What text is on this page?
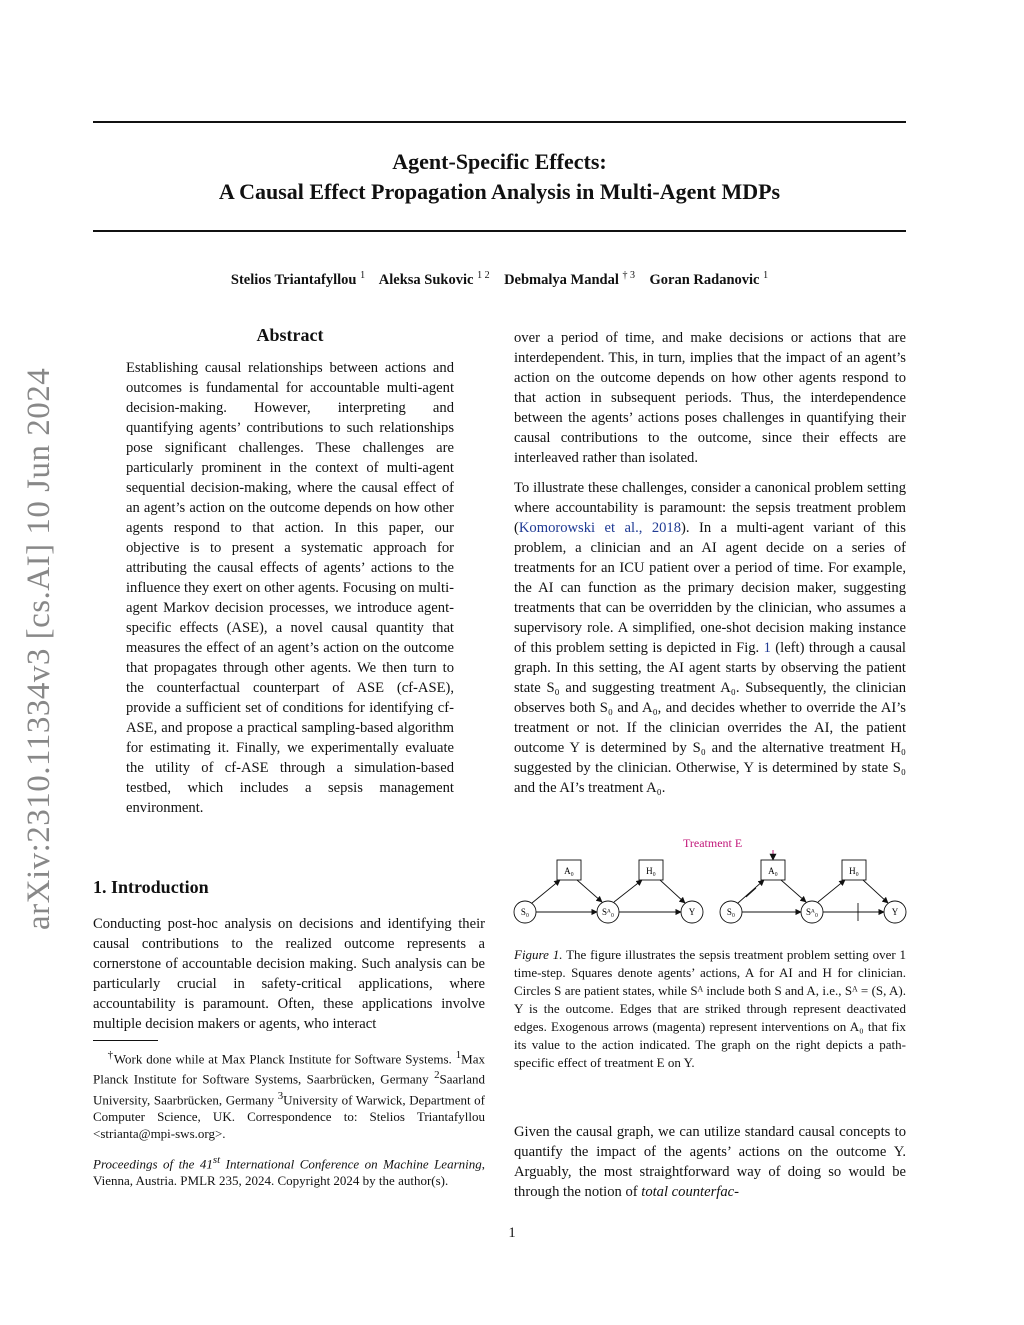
arXiv:2310.11334v3 [cs.AI] 10 Jun 2024
Agent-Specific Effects:
A Causal Effect Propagation Analysis in Multi-Agent MDPs
Stelios Triantafyllou $^1$ Aleksa Sukovic $^{1 2}$ Debmalya Mandal $^{\dagger 3}$ Goran Radanovic $^1$
Abstract

Establishing causal relationships between actions and outcomes is fundamental for accountable multi-agent decision-making. However, interpreting and quantifying agents’ contributions to such relationships pose significant challenges. These challenges are particularly prominent in the context of multi-agent sequential decision-making, where the causal effect of an agent’s action on the outcome depends on how other agents respond to that action. In this paper, our objective is to present a systematic approach for attributing the causal effects of agents’ actions to the influence they exert on other agents. Focusing on multi-agent Markov decision processes, we introduce agent-specific effects (ASE), a novel causal quantity that measures the effect of an agent’s action on the outcome that propagates through other agents. We then turn to the counterfactual counterpart of ASE (cf-ASE), provide a sufficient set of conditions for identifying cf-ASE, and propose a practical sampling-based algorithm for estimating it. Finally, we experimentally evaluate the utility of cf-ASE through a simulation-based testbed, which includes a sepsis management environment.

1. Introduction

Conducting post-hoc analysis on decisions and identifying their causal contributions to the realized outcome represents a cornerstone of accountable decision making. Such analysis can be particularly crucial in safety-critical applications, where accountability is paramount. Often, these applications involve multiple decision makers or agents, who interact

†Work done while at Max Planck Institute for Software Systems. $^1$Max Planck Institute for Software Systems, Saarbrücken, Germany $^2$Saarland University, Saarbrücken, Germany $^3$University of Warwick, Department of Computer Science, UK. Correspondence to: Stelios Triantafyllou <strianta@mpi-sws.org>.

Proceedings of the 41st International Conference on Machine Learning, Vienna, Austria. PMLR 235, 2024. Copyright 2024 by the author(s).

over a period of time, and make decisions or actions that are interdependent. This, in turn, implies that the impact of an agent’s action on the outcome depends on how other agents respond to that action in subsequent periods. Thus, the interdependence between the agents’ actions poses challenges in quantifying their causal contributions to the outcome, since their effects are interleaved rather than isolated.

To illustrate these challenges, consider a canonical problem setting where accountability is paramount: the sepsis treatment problem (Komorowski et al., 2018). In a multi-agent variant of this problem, a clinician and an AI agent decide on a series of treatments for an ICU patient over a period of time. For example, the AI can function as the primary decision maker, suggesting treatments that can be overridden by the clinician, who assumes a supervisory role. A simplified, one-shot decision making instance of this problem setting is depicted in Fig. 1 (left) through a causal graph. In this setting, the AI agent starts by observing the patient state S₀ and suggesting treatment A₀. Subsequently, the clinician observes both S₀ and A₀, and decides whether to override the AI’s treatment or not. If the clinician overrides the AI, the patient outcome Y is determined by S₀ and the alternative treatment H₀ suggested by the clinician. Otherwise, Y is determined by state S₀ and the AI’s treatment A₀.

Treatment E
A₀	H₀
S₀	Sᴬ₀	Y
A₀	H₀
S₀	Sᴬ₀	Y

Figure 1. The figure illustrates the sepsis treatment problem setting over 1 time-step. Squares denote agents’ actions, A for AI and H for clinician. Circles S are patient states, while Sᴬ include both S and A, i.e., Sᴬ = (S, A). Y is the outcome. Edges that are striked through represent deactivated edges. Exogenous arrows (magenta) represent interventions on A₀ that fix its value to the action indicated. The graph on the right depicts a path-specific effect of treatment E on Y.

Given the causal graph, we can utilize standard causal concepts to quantify the impact of the agents’ actions on the outcome Y. Arguably, the most straightforward way of doing so would be through the notion of total counterfac-

1
